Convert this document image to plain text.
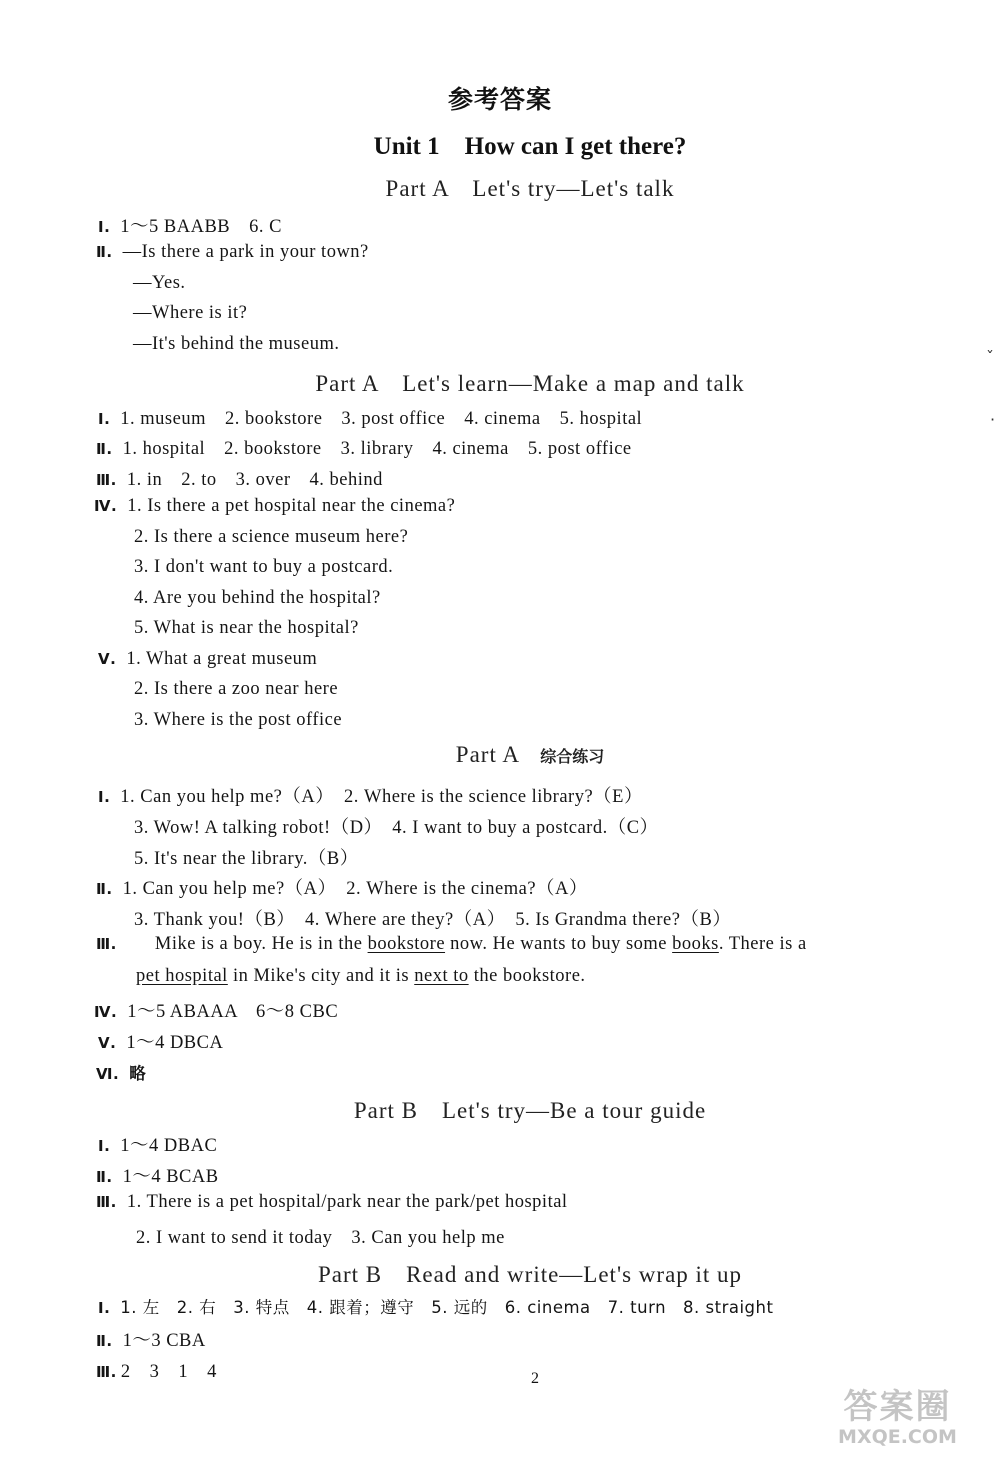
参考答案
Unit 1　How can I get there?
Part A　Let's try—Let's talk
Ⅰ. 1～5 BAABB　6. C
Ⅱ. —Is there a park in your town?
—Yes.
—Where is it?
—It's behind the museum.
Part A　Let's learn—Make a map and talk
Ⅰ. 1. museum　2. bookstore　3. post office　4. cinema　5. hospital
Ⅱ. 1. hospital　2. bookstore　3. library　4. cinema　5. post office
Ⅲ. 1. in　2. to　3. over　4. behind
Ⅳ. 1. Is there a pet hospital near the cinema?
2. Is there a science museum here?
3. I don't want to buy a postcard.
4. Are you behind the hospital?
5. What is near the hospital?
Ⅴ. 1. What a great museum
2. Is there a zoo near here
3. Where is the post office
Part A 综合练习
Ⅰ. 1. Can you help me?（A）　2. Where is the science library?（E）
3. Wow! A talking robot!（D）　4. I want to buy a postcard.（C）
5. It's near the library.（B）
Ⅱ. 1. Can you help me?（A）　2. Where is the cinema?（A）
3. Thank you!（B）　4. Where are they?（A）　5. Is Grandma there?（B）
Ⅲ. Mike is a boy. He is in the bookstore now. He wants to buy some books. There is a
pet hospital in Mike's city and it is next to the bookstore.
Ⅳ. 1～5 ABAAA　6～8 CBC
Ⅴ. 1～4 DBCA
Ⅵ. 略
Part B　Let's try—Be a tour guide
Ⅰ. 1～4 DBAC
Ⅱ. 1～4 BCAB
Ⅲ. 1. There is a pet hospital/park near the park/pet hospital
2. I want to send it today　3. Can you help me
Part B　Read and write—Let's wrap it up
Ⅰ. 1. 左　2. 右　3. 特点　4. 跟着；遵守　5. 远的　6. cinema　7. turn　8. straight
Ⅱ. 1～3 CBA
Ⅲ. 2　3　1　4	2
ˇ
·
答案圈
MXQE.COM
